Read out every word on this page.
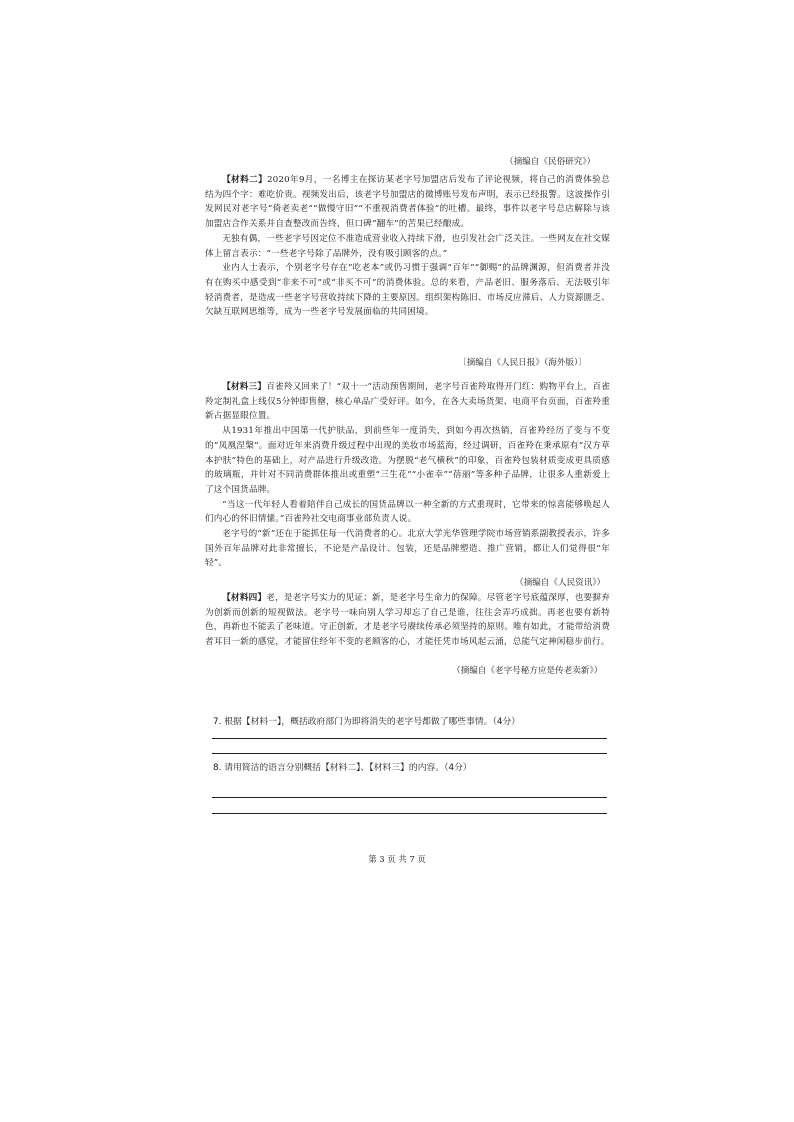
（摘编自《民俗研究》）

【材料二】2020年9月，一名博主在探访某老字号加盟店后发布了评论视频，将自己的消费体验总结为四个字：难吃价贵。视频发出后，该老字号加盟店的微博账号发布声明，表示已经报警。这波操作引发网民对老字号“倚老卖老”“做慢守旧”“不重视消费者体验”的吐槽。最终，事件以老字号总店解除与该加盟店合作关系并自查整改而告终，但口碑“翻车”的苦果已经酿成。

无独有偶，一些老字号因定位不准造成营业收入持续下滑，也引发社会广泛关注。一些网友在社交媒体上留言表示：“一些老字号除了品牌外，没有吸引顾客的点。”

业内人士表示，个别老字号存在“吃老本”或仍习惯于强调“百年”“御赐”的品牌渊源，但消费者并没有在购买中感受到“非来不可”或“非买不可”的消费体验。总的来看，产品老旧、服务落后、无法吸引年轻消费者，是造成一些老字号营收持续下降的主要原因。组织架构陈旧、市场反应滞后、人力资源匮乏、欠缺互联网思维等，成为一些老字号发展面临的共同困境。

〔摘编自《人民日报》（海外版）〕

【材料三】百雀羚又回来了！“双十一”活动预售期间，老字号百雀羚取得开门红：购物平台上，百雀羚定制礼盒上线仅5分钟即售罄，核心单品广受好评。如今，在各大卖场货架、电商平台页面，百雀羚重新占据显眼位置。

从1931年推出中国第一代护肤品，到前些年一度消失，到如今再次热销，百雀羚经历了变与不变的“凤凰涅槃”。面对近年来消费升级过程中出现的美妆市场蓝海，经过调研，百雀羚在秉承原有“汉方草本护肤”特色的基础上，对产品进行升级改造。为摆脱“老气横秋”的印象，百雀羚包装材质变成更具质感的玻璃瓶，并针对不同消费群体推出或重塑“三生花”“小雀幸”“蓓丽”等多种子品牌，让很多人重新爱上了这个国货品牌。

“当这一代年轻人看着陪伴自己成长的国货品牌以一种全新的方式重现时，它带来的惊喜能够唤起人们内心的怀旧情愫。”百雀羚社交电商事业部负责人说。

老字号的“新”还在于能抓住每一代消费者的心。北京大学光华管理学院市场营销系副教授表示，许多国外百年品牌对此非常擅长，不论是产品设计、包装，还是品牌塑造、推广营销，都让人们觉得很“年轻”。

（摘编自《人民资讯》）

【材料四】老，是老字号实力的见证；新，是老字号生命力的保障。尽管老字号底蕴深厚，也要摒弃为创新而创新的短视做法。老字号一味向别人学习却忘了自己是谁，往往会弄巧成拙。再老也要有新特色，再新也不能丢了老味道。守正创新，才是老字号赓续传承必须坚持的原则。唯有如此，才能带给消费者耳目一新的感觉，才能留住经年不变的老顾客的心，才能任凭市场风起云涌，总能气定神闲稳步前行。

（摘编自《老字号秘方应是传老卖新》）
7. 根据【材料一】，概括政府部门为即将消失的老字号都做了哪些事情。（4分）
8. 请用简洁的语言分别概括【材料二】、【材料三】的内容。（4分）
第 3 页 共 7 页
